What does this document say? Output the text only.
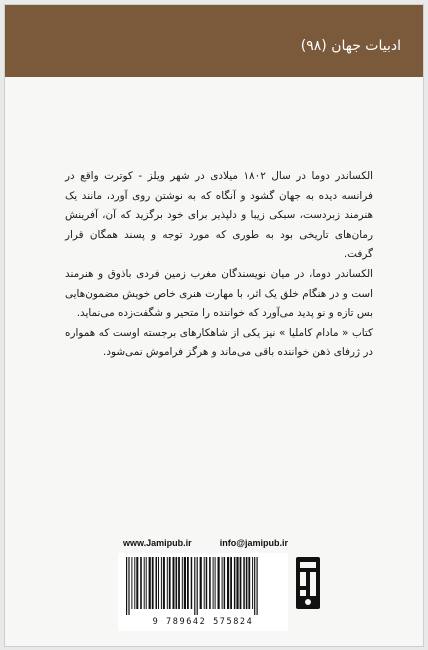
ادبیات جهان (۹۸)

الکساندر دوما در سال ۱۸۰۲ میلادی در شهر ویلز - کوترت واقع در فرانسه دیده به جهان گشود و آنگاه که به نوشتن روی آورد، مانند یک هنرمند زبردست، سبکی زیبا و دلپذیر برای خود برگزید که آن، آفرینش رمان‌های تاریخی بود به طوری که مورد توجه و پسند همگان قرار گرفت.

الکساندر دوما، در میان نویسندگان مغرب زمین فردی باذوق و هنرمند است و در هنگام خلق یک اثر، با مهارت هنری خاص خویش مضمون‌هایی بس تازه و نو پدید می‌آورد که خواننده را متحیر و شگفت‌زده می‌نماید.

کتاب « مادام کاملیا » نیز یکی از شاهکارهای برجسته اوست که همواره در ژرفای ذهن خواننده باقی می‌ماند و هرگز فراموش نمی‌شود.

www.Jamipub.ir	info@jamipub.ir
9 789642 575824
